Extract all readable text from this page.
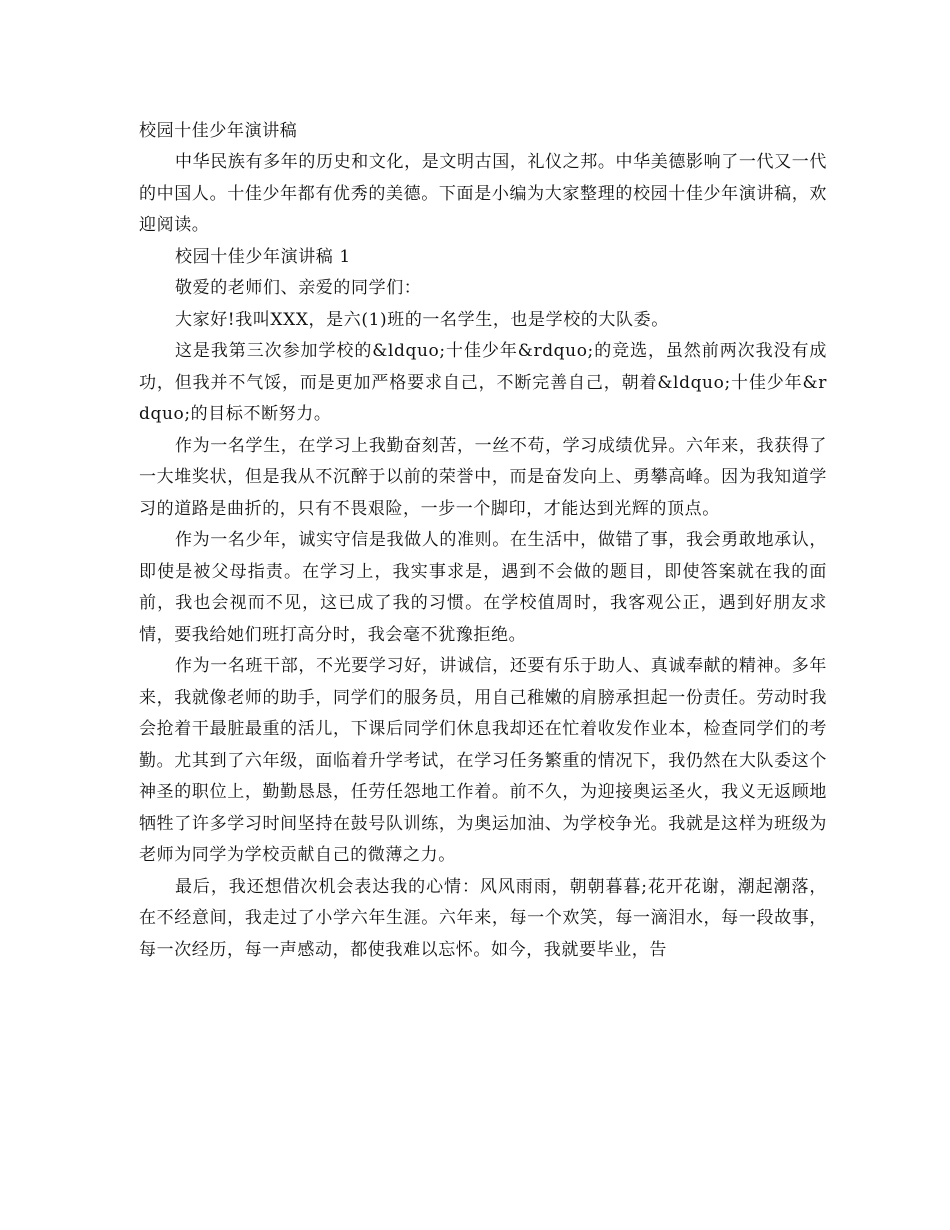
校园十佳少年演讲稿

中华民族有多年的历史和文化，是文明古国，礼仪之邦。中华美德影响了一代又一代的中国人。十佳少年都有优秀的美德。下面是小编为大家整理的校园十佳少年演讲稿，欢迎阅读。

校园十佳少年演讲稿 1

敬爱的老师们、亲爱的同学们：

大家好!我叫XXX，是六(1)班的一名学生，也是学校的大队委。

这是我第三次参加学校的&ldquo;十佳少年&rdquo;的竞选，虽然前两次我没有成功，但我并不气馁，而是更加严格要求自己，不断完善自己，朝着&ldquo;十佳少年&rdquo;的目标不断努力。

作为一名学生，在学习上我勤奋刻苦，一丝不苟，学习成绩优异。六年来，我获得了一大堆奖状，但是我从不沉醉于以前的荣誉中，而是奋发向上、勇攀高峰。因为我知道学习的道路是曲折的，只有不畏艰险，一步一个脚印，才能达到光辉的顶点。

作为一名少年，诚实守信是我做人的准则。在生活中，做错了事，我会勇敢地承认，即使是被父母指责。在学习上，我实事求是，遇到不会做的题目，即使答案就在我的面前，我也会视而不见，这已成了我的习惯。在学校值周时，我客观公正，遇到好朋友求情，要我给她们班打高分时，我会毫不犹豫拒绝。

作为一名班干部，不光要学习好，讲诚信，还要有乐于助人、真诚奉献的精神。多年来，我就像老师的助手，同学们的服务员，用自己稚嫩的肩膀承担起一份责任。劳动时我会抢着干最脏最重的活儿，下课后同学们休息我却还在忙着收发作业本，检查同学们的考勤。尤其到了六年级，面临着升学考试，在学习任务繁重的情况下，我仍然在大队委这个神圣的职位上，勤勤恳恳，任劳任怨地工作着。前不久，为迎接奥运圣火，我义无返顾地牺牲了许多学习时间坚持在鼓号队训练，为奥运加油、为学校争光。我就是这样为班级为老师为同学为学校贡献自己的微薄之力。

最后，我还想借次机会表达我的心情：风风雨雨，朝朝暮暮;花开花谢，潮起潮落，在不经意间，我走过了小学六年生涯。六年来，每一个欢笑，每一滴泪水，每一段故事，每一次经历，每一声感动，都使我难以忘怀。如今，我就要毕业，告
